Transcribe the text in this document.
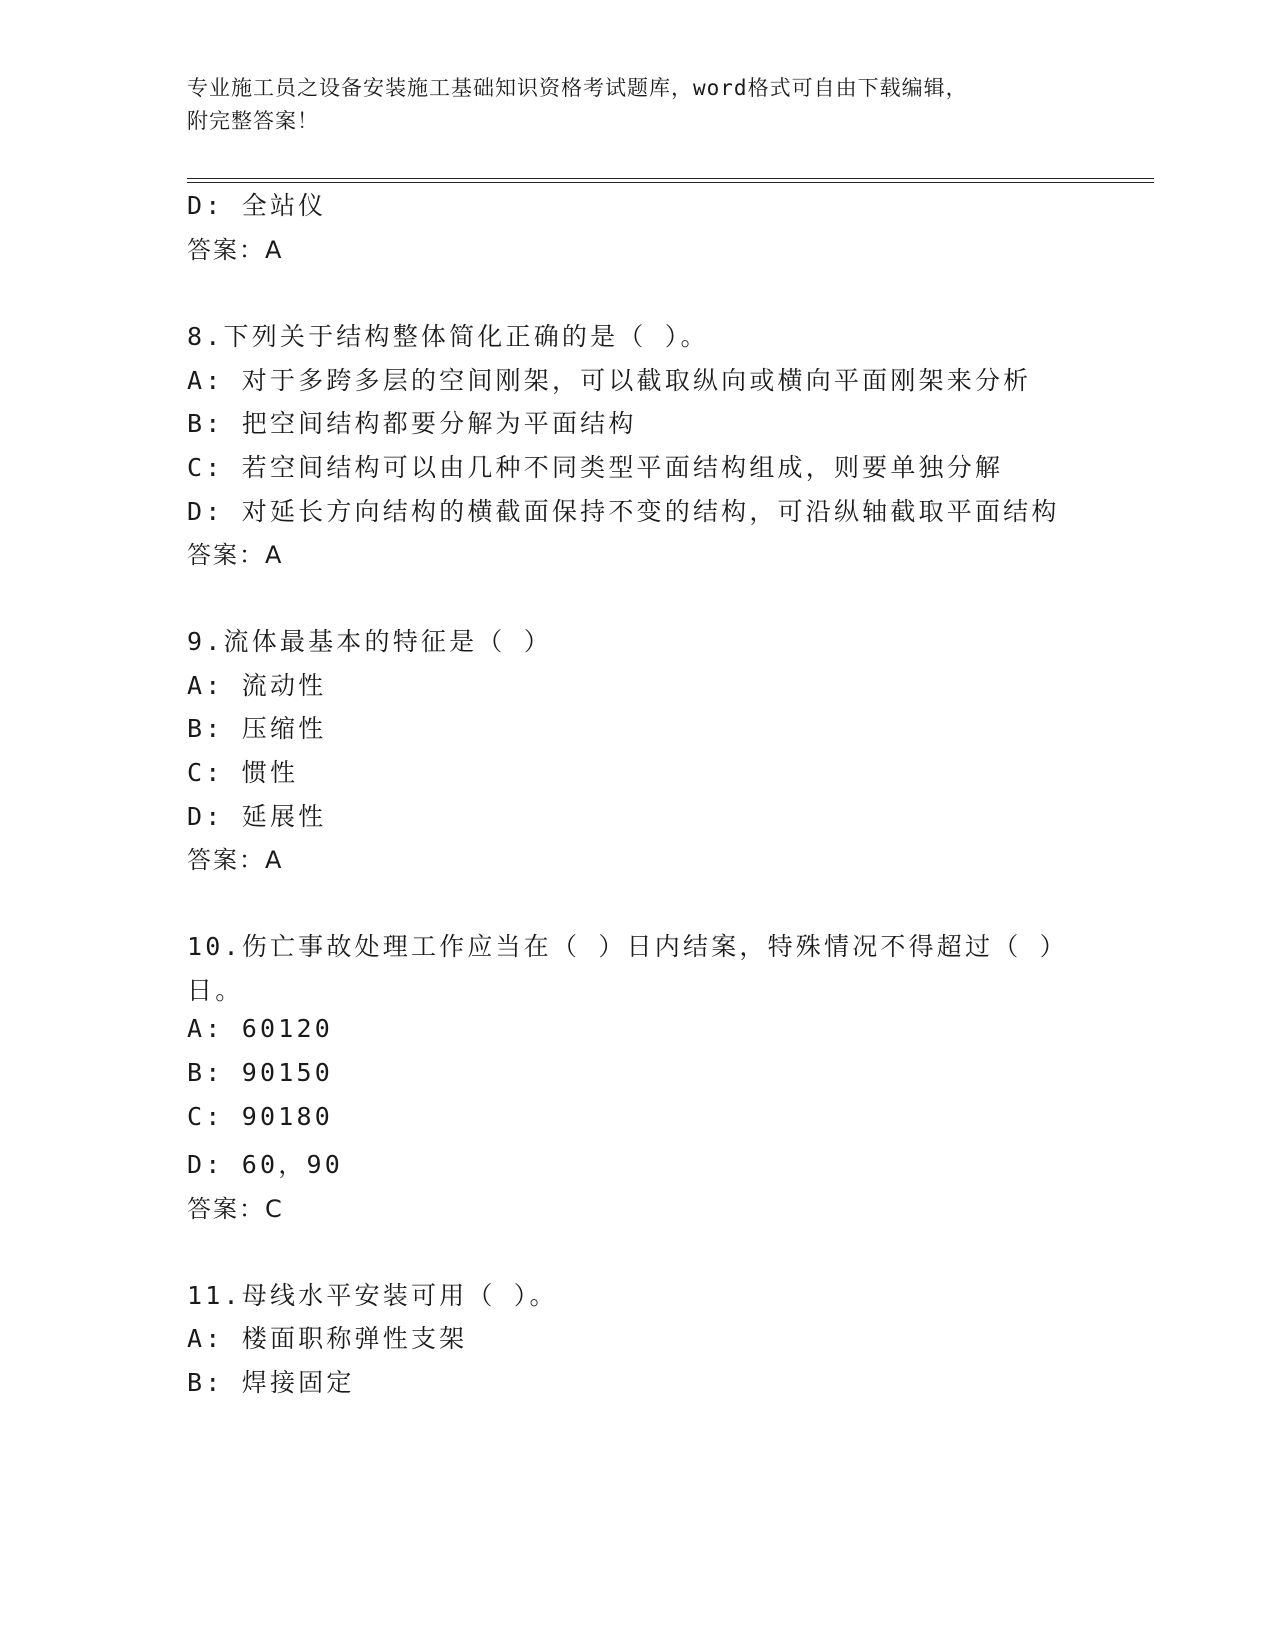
专业施工员之设备安装施工基础知识资格考试题库，word格式可自由下载编辑，
附完整答案！
D: 全站仪
答案：A
8.下列关于结构整体简化正确的是（ ）。
A: 对于多跨多层的空间刚架，可以截取纵向或横向平面刚架来分析
B: 把空间结构都要分解为平面结构
C: 若空间结构可以由几种不同类型平面结构组成，则要单独分解
D: 对延长方向结构的横截面保持不变的结构，可沿纵轴截取平面结构
答案：A
9.流体最基本的特征是（ ）
A: 流动性
B: 压缩性
C: 惯性
D: 延展性
答案：A
10.伤亡事故处理工作应当在（ ）日内结案，特殊情况不得超过（ ）
日。
A: 60120
B: 90150
C: 90180
D: 60，90
答案：C
11.母线水平安装可用（ ）。
A: 楼面职称弹性支架
B: 焊接固定
